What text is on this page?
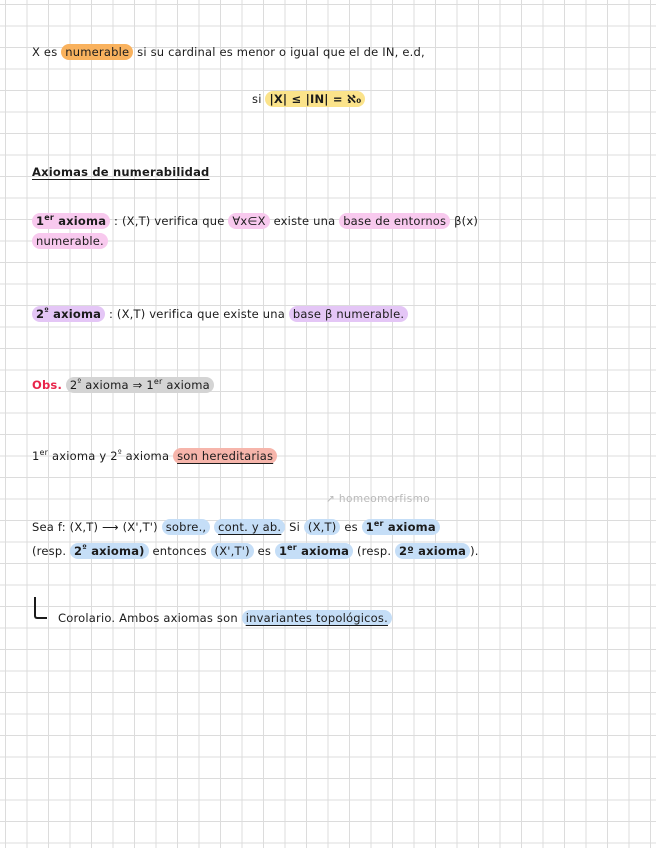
X es numerable si su cardinal es menor o igual que el de IN, e.d,
si |X| ≤ |IN| = ℵ₀
Axiomas de numerabilidad
1er axioma : (X,T) verifica que ∀x∈X existe una base de entornos β(x)
numerable.
$2^º$ axioma : (X,T) verifica que existe una base β numerable.
Obs. $2^º$ axioma ⇒ 1er axioma
1er axioma y $2^º$ axioma son hereditarias
↗ homeomorfismo
Sea f: (X,T) ⟶ (X',T') sobre., cont. y ab. Si (X,T) es 1er axioma
(resp. $2^º$ axioma) entonces (X',T') es 1er axioma (resp. 2º axioma ).
Corolario. Ambos axiomas son invariantes topológicos.
